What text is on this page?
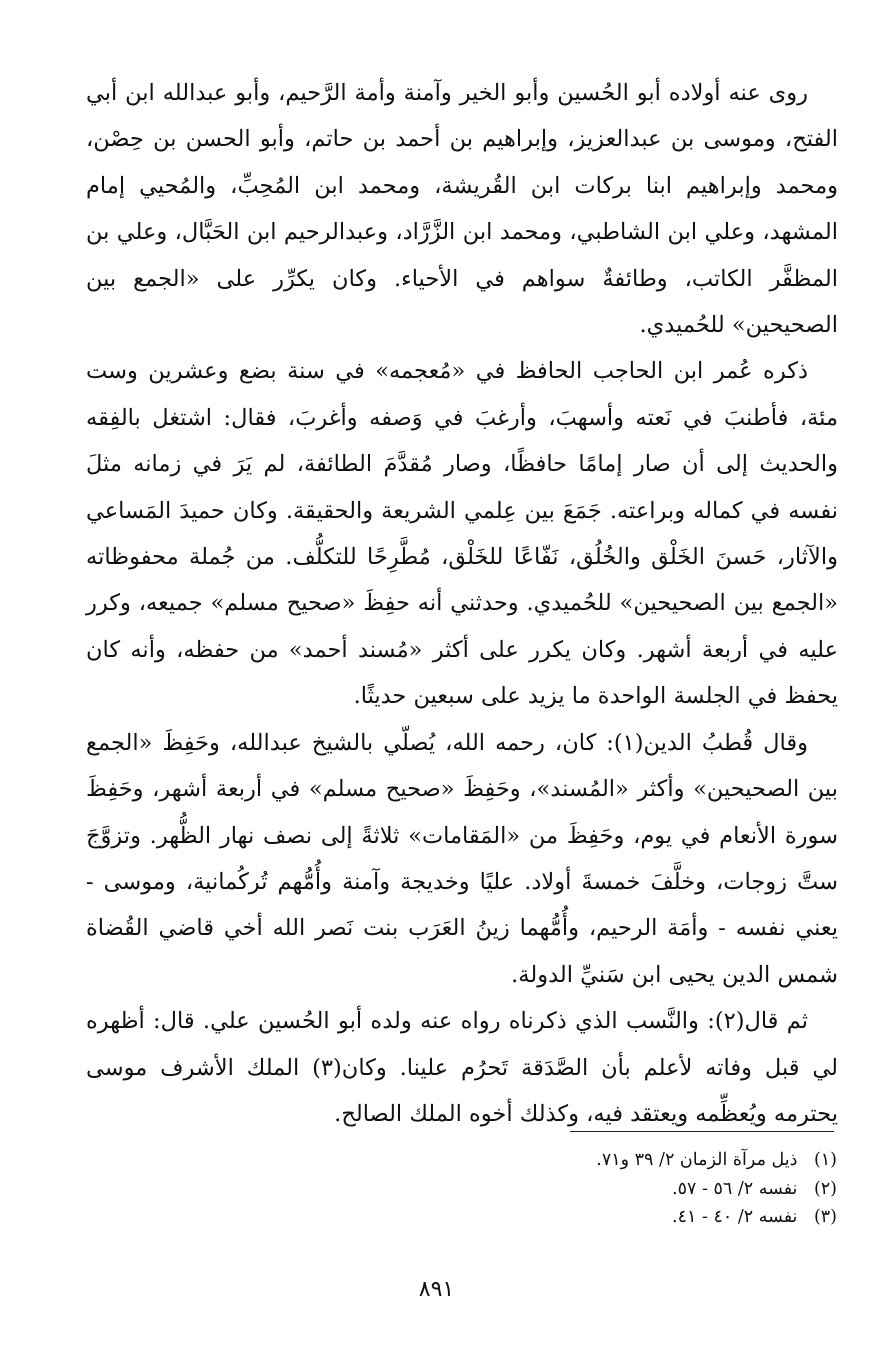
روى عنه أولاده أبو الحُسين وأبو الخير وآمنة وأمة الرَّحيم، وأبو عبدالله ابن أبي الفتح، وموسى بن عبدالعزيز، وإبراهيم بن أحمد بن حاتم، وأبو الحسن بن حِصْن، ومحمد وإبراهيم ابنا بركات ابن القُريشة، ومحمد ابن المُحِبِّ، والمُحيي إمام المشهد، وعلي ابن الشاطبي، ومحمد ابن الزَّرَّاد، وعبدالرحيم ابن الحَبَّال، وعلي بن المظفَّر الكاتب، وطائفةٌ سواهم في الأحياء. وكان يكرِّر على «الجمع بين الصحيحين» للحُميدي.

ذكره عُمر ابن الحاجب الحافظ في «مُعجمه» في سنة بضع وعشرين وست مئة، فأطنبَ في نَعته وأسهبَ، وأرغبَ في وَصفه وأغربَ، فقال: اشتغل بالفِقه والحديث إلى أن صار إمامًا حافظًا، وصار مُقدَّمَ الطائفة، لم يَرَ في زمانه مثلَ نفسه في كماله وبراعته. جَمَعَ بين عِلمي الشريعة والحقيقة. وكان حميدَ المَساعي والآثار، حَسنَ الخَلْق والخُلُق، نَفّاعًا للخَلْق، مُطَّرِحًا للتكلُّف. من جُملة محفوظاته «الجمع بين الصحيحين» للحُميدي. وحدثني أنه حفِظَ «صحيح مسلم» جميعه، وكرر عليه في أربعة أشهر. وكان يكرر على أكثر «مُسند أحمد» من حفظه، وأنه كان يحفظ في الجلسة الواحدة ما يزيد على سبعين حديثًا.

وقال قُطبُ الدين(١): كان، رحمه الله، يُصلّي بالشيخ عبدالله، وحَفِظَ «الجمع بين الصحيحين» وأكثر «المُسند»، وحَفِظَ «صحيح مسلم» في أربعة أشهر، وحَفِظَ سورة الأنعام في يوم، وحَفِظَ من «المَقامات» ثلاثةً إلى نصف نهار الظُّهر. وتزوَّجَ ستَّ زوجات، وخلَّفَ خمسةَ أولاد. عليًا وخديجة وآمنة وأُمُّهم تُركُمانية، وموسى - يعني نفسه - وأمَة الرحيم، وأُمُّهما زينُ العَرَب بنت نَصر الله أخي قاضي القُضاة شمس الدين يحيى ابن سَنيِّ الدولة.

ثم قال(٢): والنَّسب الذي ذكرناه رواه عنه ولده أبو الحُسين علي. قال: أظهره لي قبل وفاته لأعلم بأن الصَّدَقة تَحرُم علينا. وكان(٣) الملك الأشرف موسى يحترمه ويُعظِّمه ويعتقد فيه، وكذلك أخوه الملك الصالح.

(١) ذيل مرآة الزمان ٢/ ٣٩ و٧١.

(٢) نفسه ٢/ ٥٦ - ٥٧.

(٣) نفسه ٢/ ٤٠ - ٤١.

٨٩١
